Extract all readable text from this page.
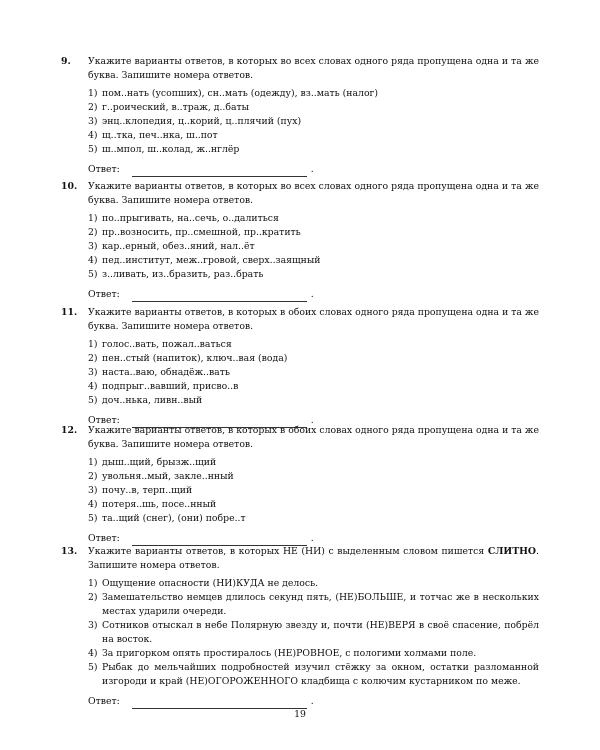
9.	Укажите варианты ответов, в которых во всех словах одного ряда пропущена одна и та же буква. Запишите номера ответов.
1) пом..нать (усопших), сн..мать (одежду), вз..мать (налог)
2) г..роический, в..траж, д..баты
3) энц..клопедия, ц..корий, ц..плячий (пух)
4) щ..тка, печ..нка, ш..пот
5) ш..мпол, ш..колад, ж..нглёр
Ответ:	.
10.	Укажите варианты ответов, в которых во всех словах одного ряда пропущена одна и та же буква. Запишите номера ответов.
1) по..прыгивать, на..сечь, о..далиться
2) пр..возносить, пр..смешной, пр..кратить
3) кар..ерный, обез..яний, нал..ёт
4) пед..институт, меж..гровой, сверх..заящный
5) з..ливать, из..бразить, раз..брать
Ответ:	.
11.	Укажите варианты ответов, в которых в обоих словах одного ряда пропущена одна и та же буква. Запишите номера ответов.
1) голос..вать, пожал..ваться
2) пен..стый (напиток), ключ..вая (вода)
3) наста..ваю, обнадёж..вать
4) подпрыг..вавший, присво..в
5) доч..нька, ливн..вый
Ответ:	.
12.	Укажите варианты ответов, в которых в обоих словах одного ряда пропущена одна и та же буква. Запишите номера ответов.
1) дыш..щий, брызж..щий
2) увольня..мый, закле..нный
3) почу..в, терп..щий
4) потеря..шь, посе..нный
5) та..щий (снег), (они) побре..т
Ответ:	.
13.	Укажите варианты ответов, в которых НЕ (НИ) с выделенным словом пишется СЛИТНО. Запишите номера ответов.
1) Ощущение опасности (НИ)КУДА не делось.
2) Замешательство немцев длилось секунд пять, (НЕ)БОЛЬШЕ, и тотчас же в нескольких местах ударили очереди.
3) Сотников отыскал в небе Полярную звезду и, почти (НЕ)ВЕРЯ в своё спасение, побрёл на восток.
4) За пригорком опять простиралось (НЕ)РОВНОЕ, с пологими холмами поле.
5) Рыбак до мельчайших подробностей изучил стёжку за окном, остатки разломанной изгороди и край (НЕ)ОГОРОЖЕННОГО кладбища с колючим кустарником по меже.
Ответ:	.
19
